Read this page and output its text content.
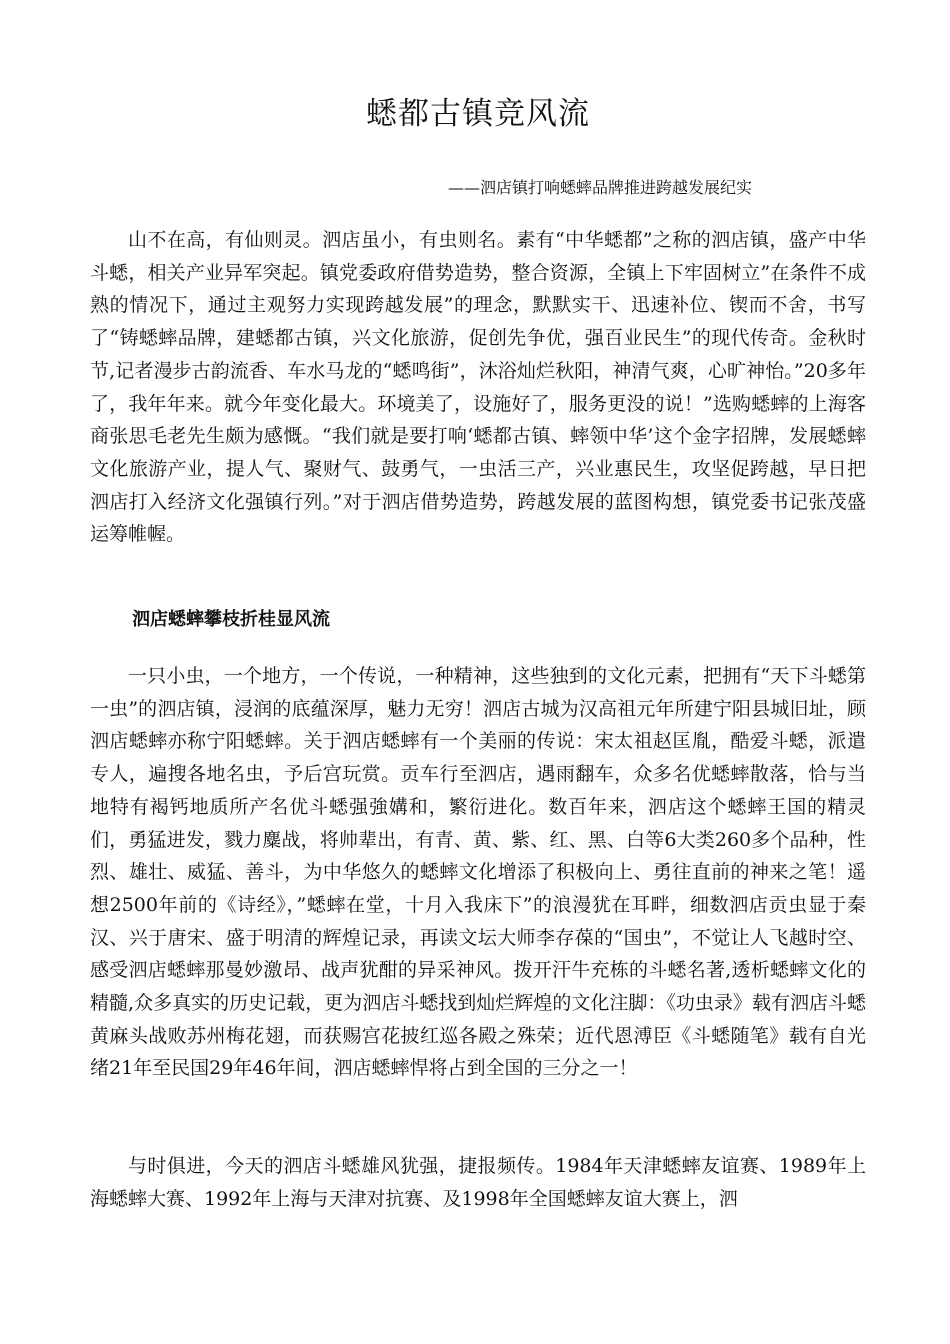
蟋都古镇竞风流
——泗店镇打响蟋蟀品牌推进跨越发展纪实

山不在高，有仙则灵。泗店虽小，有虫则名。素有“中华蟋都”之称的泗店镇，盛产中华斗蟋，相关产业异军突起。镇党委政府借势造势，整合资源，全镇上下牢固树立”在条件不成熟的情况下，通过主观努力实现跨越发展”的理念，默默实干、迅速补位、锲而不舍，书写了“铸蟋蟀品牌，建蟋都古镇，兴文化旅游，促创先争优，强百业民生”的现代传奇。金秋时节,记者漫步古韵流香、车水马龙的“蟋鸣街”，沐浴灿烂秋阳，神清气爽，心旷神怡。”20多年了，我年年来。就今年变化最大。环境美了，设施好了，服务更没的说！”选购蟋蟀的上海客商张思毛老先生颇为感慨。“我们就是要打响‘蟋都古镇、蟀领中华’这个金字招牌，发展蟋蟀文化旅游产业，提人气、聚财气、鼓勇气，一虫活三产，兴业惠民生，攻坚促跨越，早日把泗店打入经济文化强镇行列。”对于泗店借势造势，跨越发展的蓝图构想，镇党委书记张茂盛运筹帷幄。

泗店蟋蟀攀枝折桂显风流

一只小虫，一个地方，一个传说，一种精神，这些独到的文化元素，把拥有“天下斗蟋第一虫”的泗店镇，浸润的底蕴深厚，魅力无穷！泗店古城为汉高祖元年所建宁阳县城旧址，顾泗店蟋蟀亦称宁阳蟋蟀。关于泗店蟋蟀有一个美丽的传说：宋太祖赵匡胤，酷爱斗蟋，派遣专人，遍搜各地名虫，予后宫玩赏。贡车行至泗店，遇雨翻车，众多名优蟋蟀散落，恰与当地特有褐钙地质所产名优斗蟋强強媾和，繁衍进化。数百年来，泗店这个蟋蟀王国的精灵们，勇猛进发，戮力麋战，将帅辈出，有青、黄、紫、红、黑、白等6大类260多个品种，性烈、雄壮、威猛、善斗，为中华悠久的蟋蟀文化增添了积极向上、勇往直前的神来之笔！遥想2500年前的《诗经》，”蟋蟀在堂，十月入我床下”的浪漫犹在耳畔，细数泗店贡虫显于秦汉、兴于唐宋、盛于明清的辉煌记录，再读文坛大师李存葆的“国虫”，不觉让人飞越时空、感受泗店蟋蟀那曼妙激昂、战声犹酣的异采神风。拨开汗牛充栋的斗蟋名著,透析蟋蟀文化的精髓,众多真实的历史记载，更为泗店斗蟋找到灿烂辉煌的文化注脚：《功虫录》载有泗店斗蟋黄麻头战败苏州梅花翅，而获赐宫花披红巡各殿之殊荣；近代恩溥臣《斗蟋随笔》载有自光绪21年至民国29年46年间，泗店蟋蟀悍将占到全国的三分之一！

与时俱进，今天的泗店斗蟋雄风犹强，捷报频传。1984年天津蟋蟀友谊赛、1989年上海蟋蟀大赛、1992年上海与天津对抗赛、及1998年全国蟋蟀友谊大赛上，泗
